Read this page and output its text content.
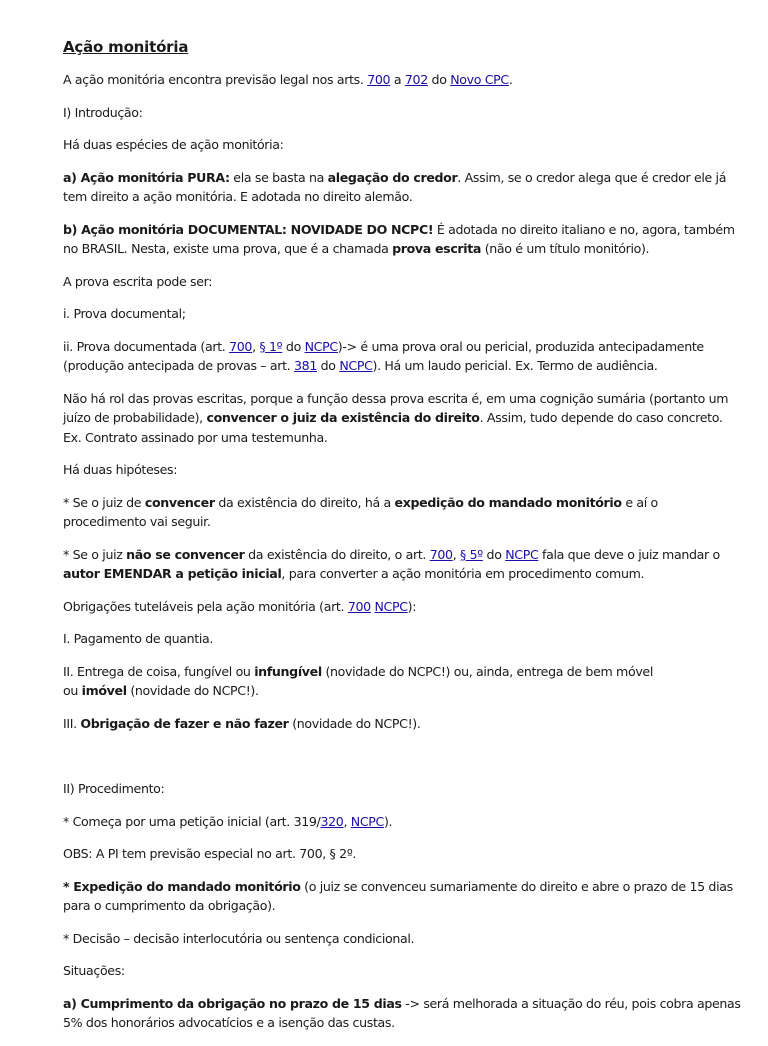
Ação monitória

A ação monitória encontra previsão legal nos arts. 700 a 702 do Novo CPC.

I) Introdução:

Há duas espécies de ação monitória:

a) Ação monitória PURA: ela se basta na alegação do credor. Assim, se o credor alega que é credor ele já tem direito a ação monitória. E adotada no direito alemão.

b) Ação monitória DOCUMENTAL: NOVIDADE DO NCPC! É adotada no direito italiano e no, agora, também no BRASIL. Nesta, existe uma prova, que é a chamada prova escrita (não é um título monitório).

A prova escrita pode ser:

i. Prova documental;

ii. Prova documentada (art. 700, § 1º do NCPC)-> é uma prova oral ou pericial, produzida antecipadamente (produção antecipada de provas – art. 381 do NCPC). Há um laudo pericial. Ex. Termo de audiência.

Não há rol das provas escritas, porque a função dessa prova escrita é, em uma cognição sumária (portanto um juízo de probabilidade), convencer o juiz da existência do direito. Assim, tudo depende do caso concreto. Ex. Contrato assinado por uma testemunha.

Há duas hipóteses:

* Se o juiz de convencer da existência do direito, há a expedição do mandado monitório e aí o procedimento vai seguir.

* Se o juiz não se convencer da existência do direito, o art. 700, § 5º do NCPC fala que deve o juiz mandar o autor EMENDAR a petição inicial, para converter a ação monitória em procedimento comum.

Obrigações tuteláveis pela ação monitória (art. 700 NCPC):

I. Pagamento de quantia.

II. Entrega de coisa, fungível ou infungível (novidade do NCPC!) ou, ainda, entrega de bem móvel
ou imóvel (novidade do NCPC!).

III. Obrigação de fazer e não fazer (novidade do NCPC!).

II) Procedimento:

* Começa por uma petição inicial (art. 319/320, NCPC).

OBS: A PI tem previsão especial no art. 700, § 2º.

* Expedição do mandado monitório (o juiz se convenceu sumariamente do direito e abre o prazo de 15 dias para o cumprimento da obrigação).

* Decisão – decisão interlocutória ou sentença condicional.

Situações:

a) Cumprimento da obrigação no prazo de 15 dias -> será melhorada a situação do réu, pois cobra apenas 5% dos honorários advocatícios e a isenção das custas.
